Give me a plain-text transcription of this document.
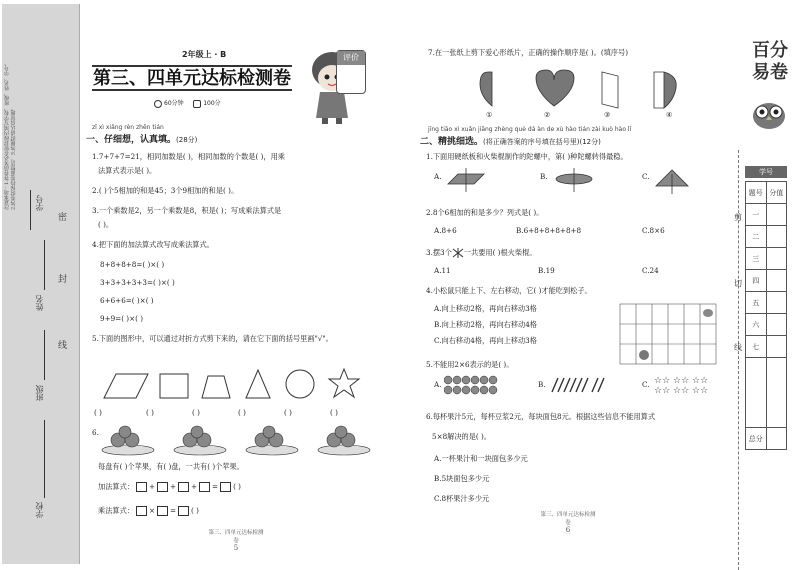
注意事项：1.答卷前务必在密封线内填写学校、班级、姓名、学号。2.答卷时保持卷面整洁。3.答题时请认真审题。	学号
姓名
班级
学校
密
封
线
2年级上 · B
第三、四单元达标检测卷
60分钟	100分
评价
zǐ xì xiǎng rèn zhēn tián
一、仔细想，认真填。(28分)
1.7+7+7=21，相同加数是( )，相同加数的个数是( )，用乘
法算式表示是( )。
2.( )个5相加的和是45；3个9相加的和是( )。
3.一个乘数是2，另一个乘数是8，积是( )；写成乘法算式是
( )。
4.把下面的加法算式改写成乘法算式。
8+8+8+8=( )×( )
3+3+3+3+3=( )×( )
6+6+6=( )×( )
9+9=( )×( )
5.下面的图形中，可以通过对折方式剪下来的，请在它下面的括号里画"√"。
( )	( )	( )	( )	( )	( )
6.
每盘有( )个苹果，有( )盘，一共有( )个苹果。
加法算式： + + + = ( )
乘法算式： × = ( )
第三、四单元达标检测卷
5
7.在一张纸上剪下爱心形纸片，正确的操作顺序是( )。(填序号)
①	②	③	④
jīng tiāo xì xuǎn jiāng zhèng què dá àn de xù hào tián zài kuò hào lǐ
二、精挑细选。(将正确答案的序号填在括号里)(12分)
1.下面用硬纸板和火柴棍制作的陀螺中，第( )种陀螺转得最稳。
A.	B.	C.
2.8个6相加的和是多少？列式是( )。
A.8+6	B.6+8+8+8+8+8	C.8×6
3.摆3个 一共要用( )根火柴棍。
A.11	B.19	C.24
4.小松鼠只能上下、左右移动，它( )才能吃到松子。
A.向上移动2格，再向右移动3格
B.向上移动2格，再向右移动4格
C.向右移动4格，再向上移动3格
5.不能用2×6表示的是( )。
A.	B.	C. ☆☆ ☆☆ ☆☆
☆☆ ☆☆ ☆☆
6.每杯果汁5元，每杯豆浆2元，每块面包8元。根据这些信息不能用算式
5×8解决的是( )。
A.一杯果汁和一块面包多少元
B.5块面包多少元
C.8杯果汁多少元
第三、四单元达标检测卷
6
百分
易卷
剪
切
线
学号
题号	分值
一	
二	
三	
四	
五	
六	
七	

总分	
